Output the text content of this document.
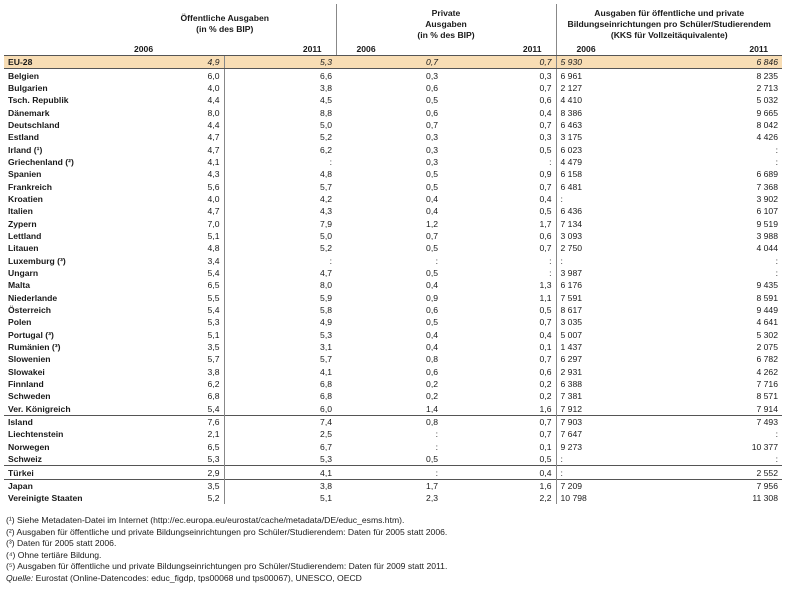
	Öffentliche Ausgaben
(in % des BIP)		Private
Ausgaben
(in % des BIP)		Ausgaben für öffentliche und private
Bildungseinrichtungen pro Schüler/Studierendem
(KKS für Vollzeitäquivalente)	
	2006	2011	2006	2011	2006	2011
EU-28	4,9	5,3	0,7	0,7	5 930	6 846
Belgien	6,0	6,6	0,3	0,3	6 961	8 235
Bulgarien	4,0	3,8	0,6	0,7	2 127	2 713
Tsch. Republik	4,4	4,5	0,5	0,6	4 410	5 032
Dänemark	8,0	8,8	0,6	0,4	8 386	9 665
Deutschland	4,4	5,0	0,7	0,7	6 463	8 042
Estland	4,7	5,2	0,3	0,3	3 175	4 426
Irland (¹)	4,7	6,2	0,3	0,5	6 023	:
Griechenland (²)	4,1	:	0,3	:	4 479	:
Spanien	4,3	4,8	0,5	0,9	6 158	6 689
Frankreich	5,6	5,7	0,5	0,7	6 481	7 368
Kroatien	4,0	4,2	0,4	0,4	:	3 902
Italien	4,7	4,3	0,4	0,5	6 436	6 107
Zypern	7,0	7,9	1,2	1,7	7 134	9 519
Lettland	5,1	5,0	0,7	0,6	3 093	3 988
Litauen	4,8	5,2	0,5	0,7	2 750	4 044
Luxemburg (³)	3,4	:	:	:	:	:
Ungarn	5,4	4,7	0,5	:	3 987	:
Malta	6,5	8,0	0,4	1,3	6 176	9 435
Niederlande	5,5	5,9	0,9	1,1	7 591	8 591
Österreich	5,4	5,8	0,6	0,5	8 617	9 449
Polen	5,3	4,9	0,5	0,7	3 035	4 641
Portugal (³)	5,1	5,3	0,4	0,4	5 007	5 302
Rumänien (³)	3,5	3,1	0,4	0,1	1 437	2 075
Slowenien	5,7	5,7	0,8	0,7	6 297	6 782
Slowakei	3,8	4,1	0,6	0,6	2 931	4 262
Finnland	6,2	6,8	0,2	0,2	6 388	7 716
Schweden	6,8	6,8	0,2	0,2	7 381	8 571
Ver. Königreich	5,4	6,0	1,4	1,6	7 912	7 914
Island	7,6	7,4	0,8	0,7	7 903	7 493
Liechtenstein	2,1	2,5	:	0,7	7 647	:
Norwegen	6,5	6,7	:	0,1	9 273	10 377
Schweiz	5,3	5,3	0,5	0,5	:	:
Türkei	2,9	4,1	:	0,4	:	2 552
Japan	3,5	3,8	1,7	1,6	7 209	7 956
Vereinigte Staaten	5,2	5,1	2,3	2,2	10 798	11 308

(¹) Siehe Metadaten-Datei im Internet (http://ec.europa.eu/eurostat/cache/metadata/DE/educ_esms.htm).

(²) Ausgaben für öffentliche und private Bildungseinrichtungen pro Schüler/Studierendem: Daten für 2005 statt 2006.

(³) Daten für 2005 statt 2006.

(⁴) Ohne tertiäre Bildung.

(⁵) Ausgaben für öffentliche und private Bildungseinrichtungen pro Schüler/Studierendem: Daten für 2009 statt 2011.

Quelle: Eurostat (Online-Datencodes: educ_figdp, tps00068 und tps00067), UNESCO, OECD
